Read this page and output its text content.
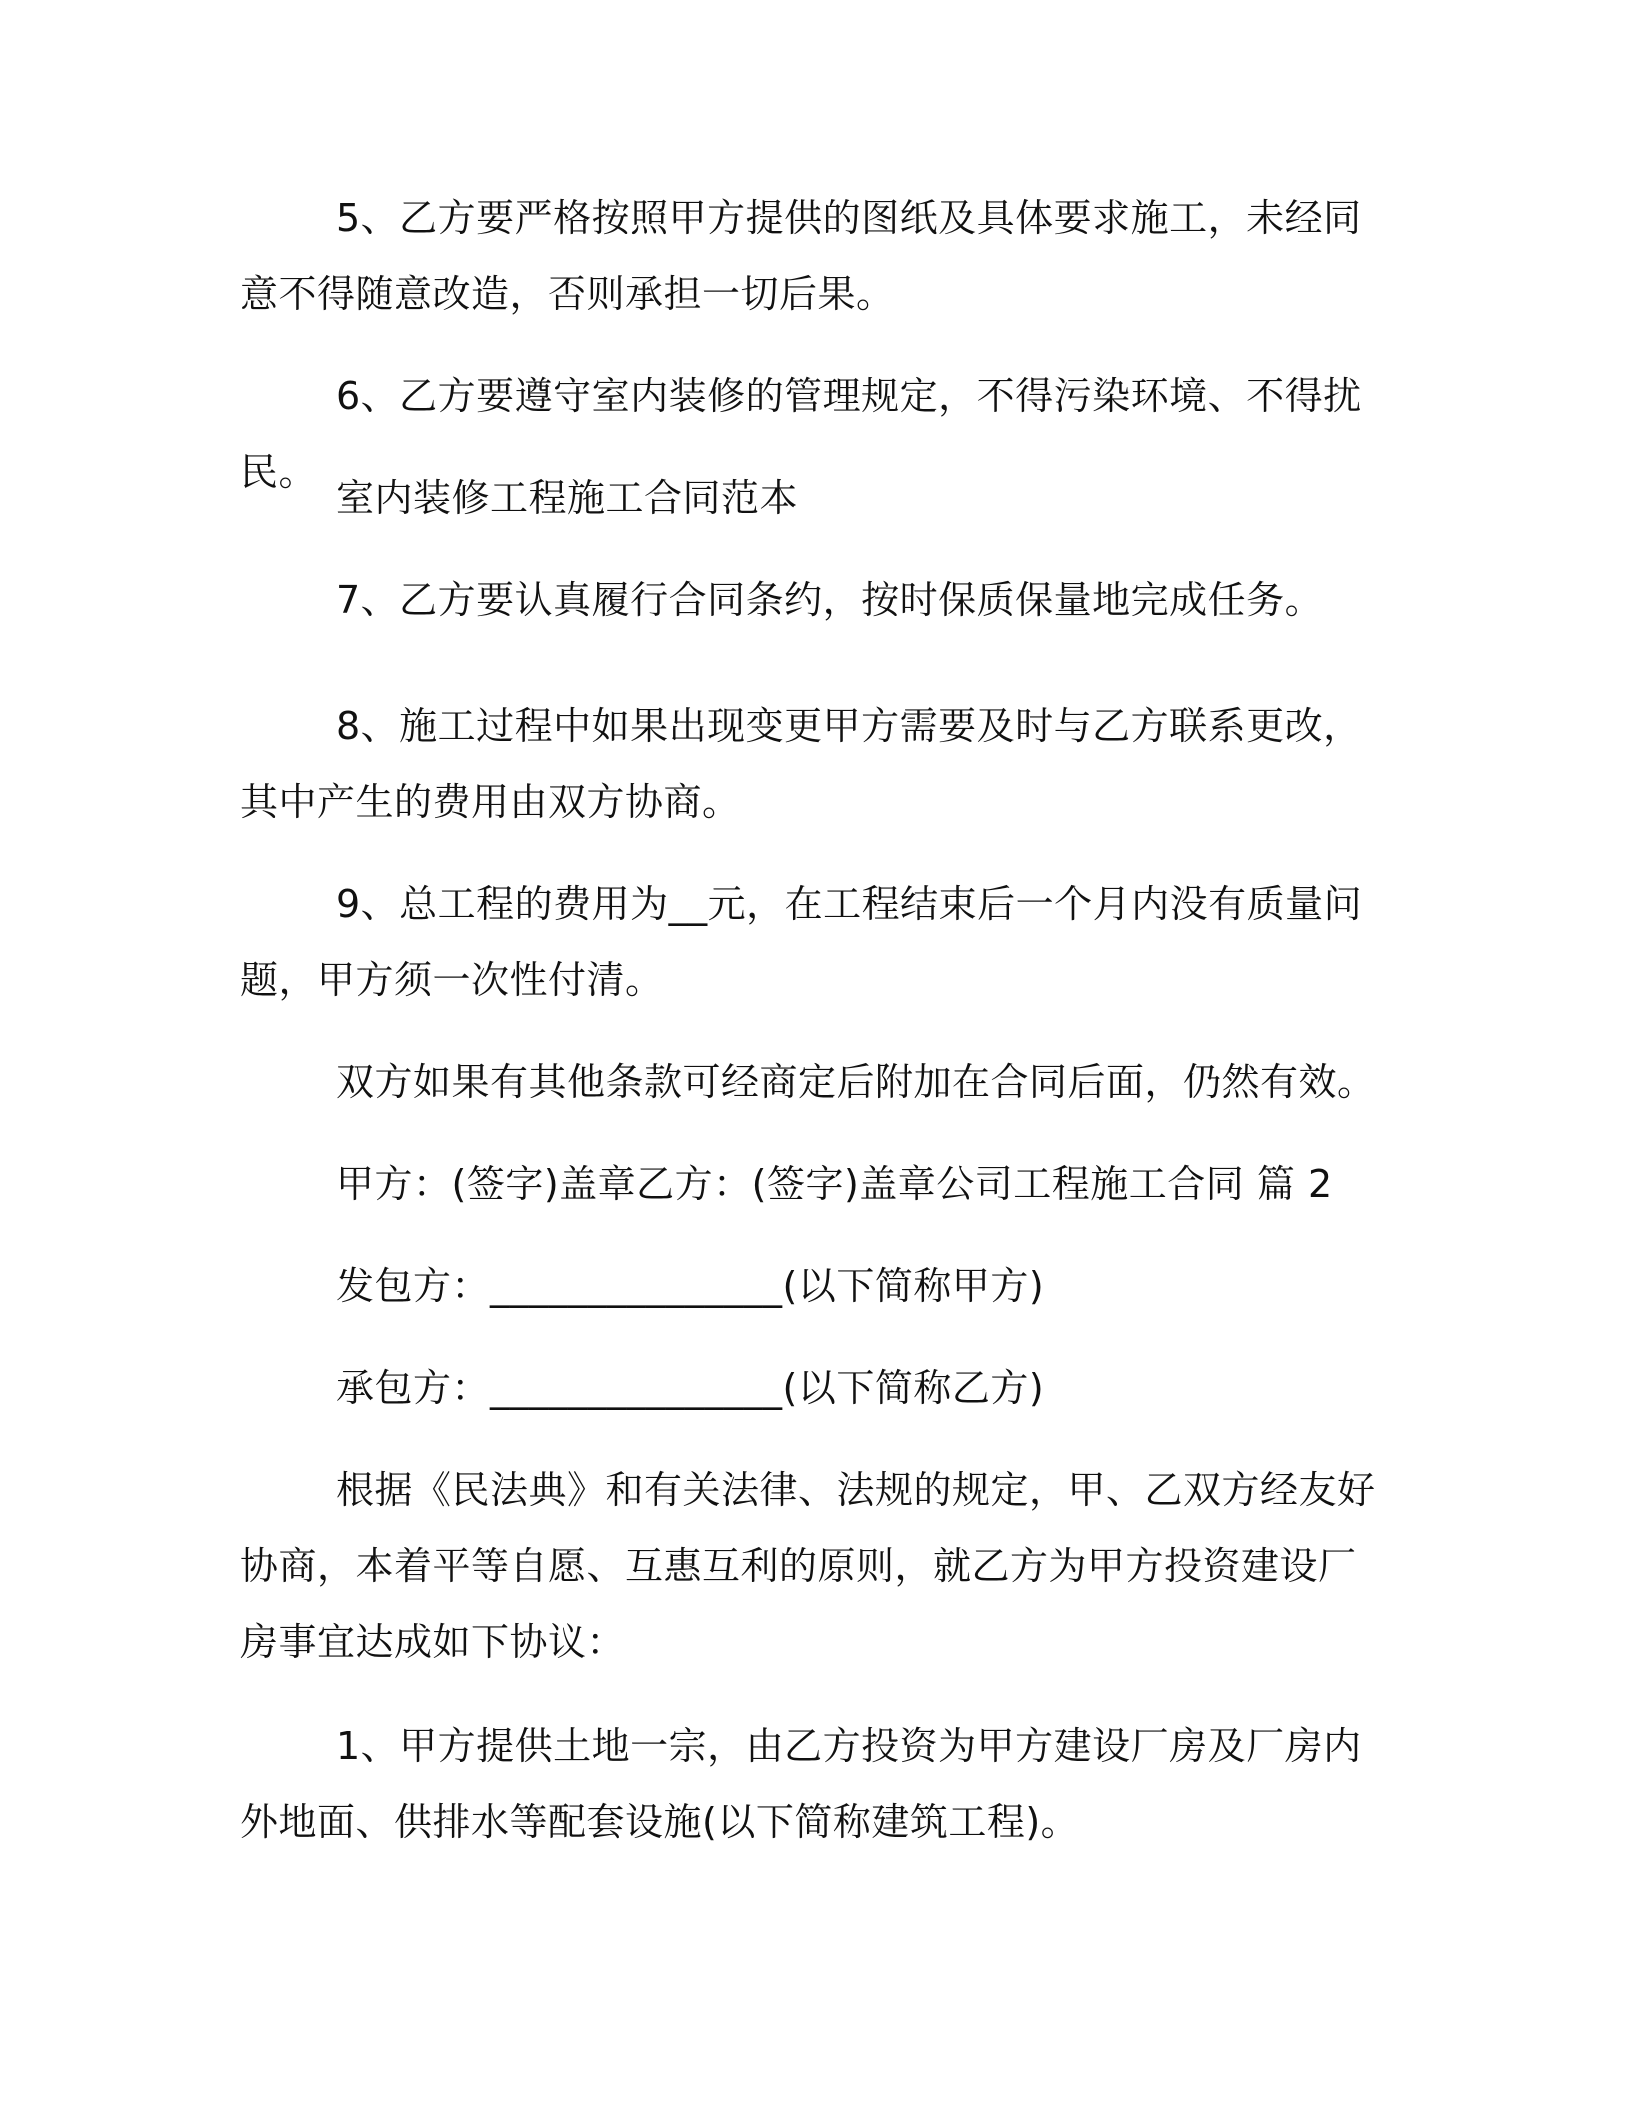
5、乙方要严格按照甲方提供的图纸及具体要求施工，未经同意不得随意改造，否则承担一切后果。

6、乙方要遵守室内装修的管理规定，不得污染环境、不得扰民。

室内装修工程施工合同范本

7、乙方要认真履行合同条约，按时保质保量地完成任务。

8、施工过程中如果出现变更甲方需要及时与乙方联系更改，其中产生的费用由双方协商。

9、总工程的费用为__元，在工程结束后一个月内没有质量问题，甲方须一次性付清。

双方如果有其他条款可经商定后附加在合同后面，仍然有效。

甲方：(签字)盖章乙方：(签字)盖章公司工程施工合同 篇 2

发包方：_______________(以下简称甲方)

承包方：_______________(以下简称乙方)

根据《民法典》和有关法律、法规的规定，甲、乙双方经友好协商，本着平等自愿、互惠互利的原则，就乙方为甲方投资建设厂房事宜达成如下协议：

1、甲方提供土地一宗，由乙方投资为甲方建设厂房及厂房内外地面、供排水等配套设施(以下简称建筑工程)。
